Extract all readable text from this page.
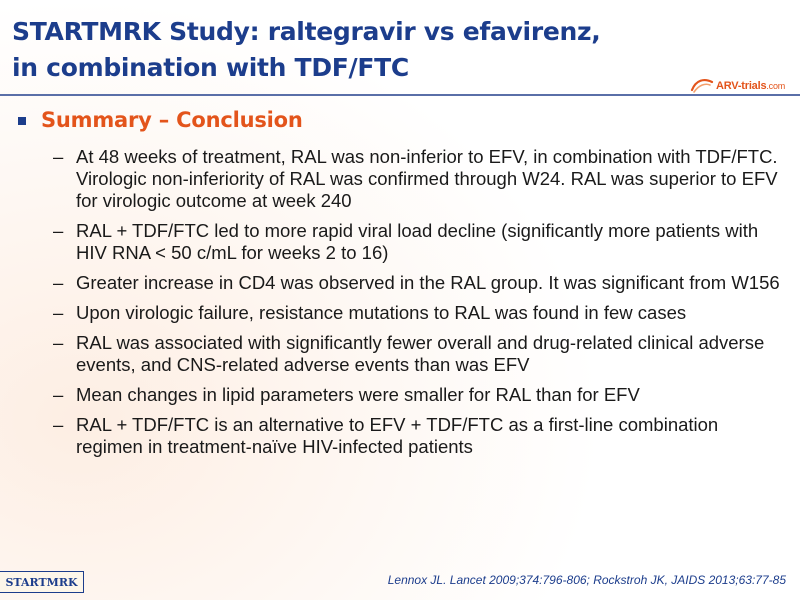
STARTMRK Study: raltegravir vs efavirenz,
in combination with TDF/FTC
ARV-trials.com
Summary – Conclusion
– At 48 weeks of treatment, RAL was non-inferior to EFV, in combination with TDF/FTC. Virologic non-inferiority of RAL was confirmed through W24. RAL was superior to EFV for virologic outcome at week 240
– RAL + TDF/FTC led to more rapid viral load decline (significantly more patients with HIV RNA < 50 c/mL for weeks 2 to 16)
– Greater increase in CD4 was observed in the RAL group. It was significant from W156
– Upon virologic failure, resistance mutations to RAL was found in few cases
– RAL was associated with significantly fewer overall and drug-related clinical adverse events, and CNS-related adverse events than was EFV
– Mean changes in lipid parameters were smaller for RAL than for EFV
– RAL + TDF/FTC is an alternative to EFV + TDF/FTC as a first-line combination regimen in treatment-naïve HIV-infected patients
STARTMRK	Lennox JL. Lancet 2009;374:796-806; Rockstroh JK, JAIDS 2013;63:77-85
